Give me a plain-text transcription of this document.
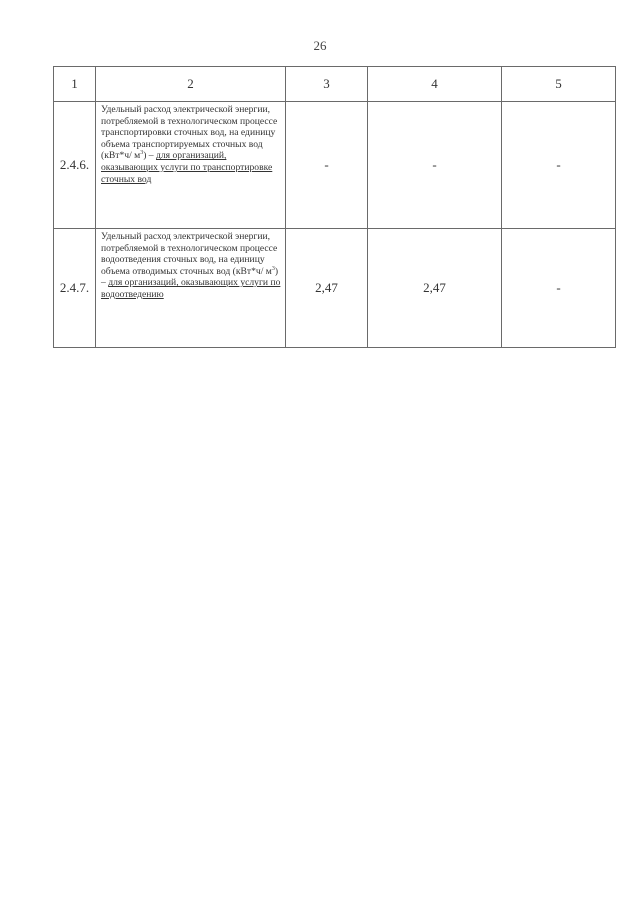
26
1	2	3	4	5
2.4.6.	Удельный расход электрической энергии, потребляемой в технологическом процессе транспортировки сточных вод, на единицу объема транспортируемых сточных вод (кВт*ч/ $м^3$) – для организаций, оказывающих услуги по транспортировке сточных вод	-	-	-
2.4.7.	Удельный расход электрической энергии, потребляемой в технологическом процессе водоотведения сточных вод, на единицу объема отводимых сточных вод (кВт*ч/ $м^3$) – для организаций, оказывающих услуги по водоотведению	2,47	2,47	-
